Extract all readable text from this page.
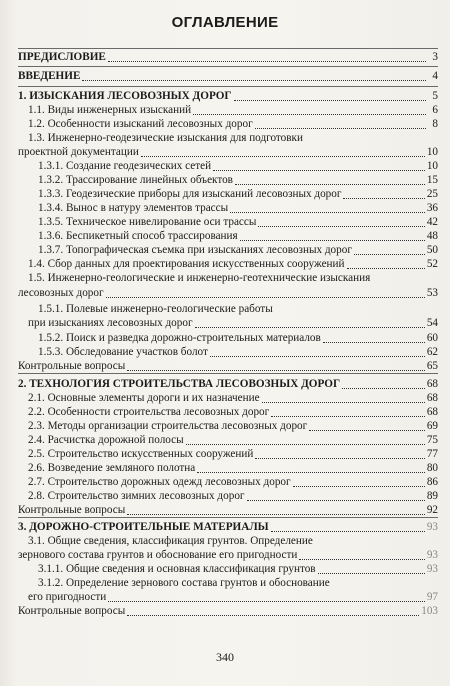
ОГЛАВЛЕНИЕ
ПРЕДИСЛОВИЕ	3
ВВЕДЕНИЕ	4
1. ИЗЫСКАНИЯ ЛЕСОВОЗНЫХ ДОРОГ	5
1.1. Виды инженерных изысканий	6
1.2. Особенности изысканий лесовозных дорог	8
1.3. Инженерно-геодезические изыскания для подготовки
проектной документации	10
1.3.1. Создание геодезических сетей	10
1.3.2. Трассирование линейных объектов	15
1.3.3. Геодезические приборы для изысканий лесовозных дорог	25
1.3.4. Вынос в натуру элементов трассы	36
1.3.5. Техническое нивелирование оси трассы	42
1.3.6. Беспикетный способ трассирования	48
1.3.7. Топографическая съемка при изысканиях лесовозных дорог	50
1.4. Сбор данных для проектирования искусственных сооружений	52
1.5. Инженерно-геологические и инженерно-геотехнические изыскания
лесовозных дорог	53
1.5.1. Полевые инженерно-геологические работы
при изысканиях лесовозных дорог	54
1.5.2. Поиск и разведка дорожно-строительных материалов	60
1.5.3. Обследование участков болот	62
Контрольные вопросы	65
2. ТЕХНОЛОГИЯ СТРОИТЕЛЬСТВА ЛЕСОВОЗНЫХ ДОРОГ	68
2.1. Основные элементы дороги и их назначение	68
2.2. Особенности строительства лесовозных дорог	68
2.3. Методы организации строительства лесовозных дорог	69
2.4. Расчистка дорожной полосы	75
2.5. Строительство искусственных сооружений	77
2.6. Возведение земляного полотна	80
2.7. Строительство дорожных одежд лесовозных дорог	86
2.8. Строительство зимних лесовозных дорог	89
Контрольные вопросы	92
3. ДОРОЖНО-СТРОИТЕЛЬНЫЕ МАТЕРИАЛЫ	93
3.1. Общие сведения, классификация грунтов. Определение
зернового состава грунтов и обоснование его пригодности	93
3.1.1. Общие сведения и основная классификация грунтов	93
3.1.2. Определение зернового состава грунтов и обоснование
его пригодности	97
Контрольные вопросы	103
340
